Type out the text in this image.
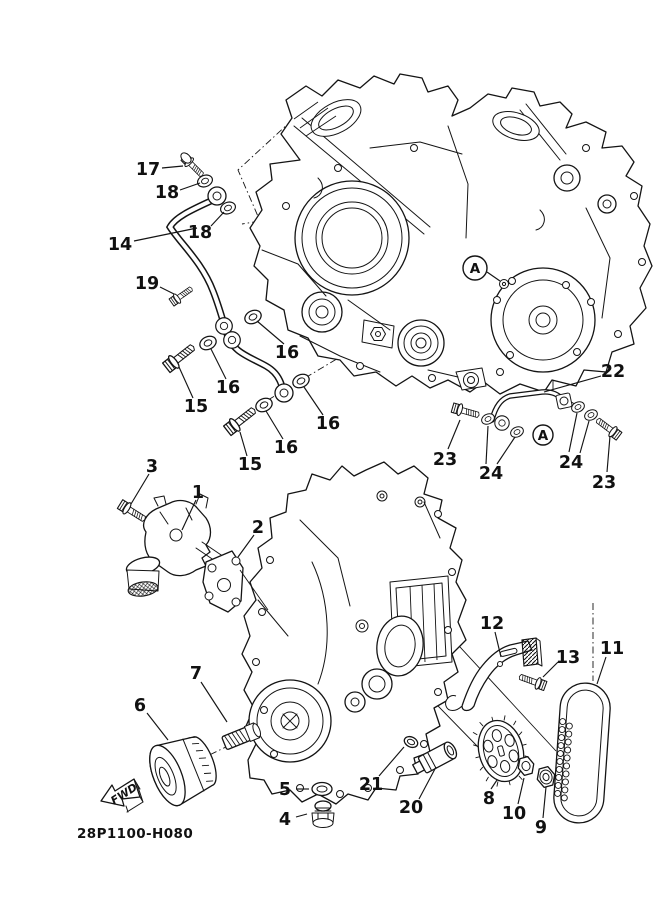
FWD
28P1100-H080
17
18
18
14
19
16
16
15
16
16
15
3
1
2
22
23
24
24
23
12
13 11
7
6
5
4
21
20	8
10
9
A
A
